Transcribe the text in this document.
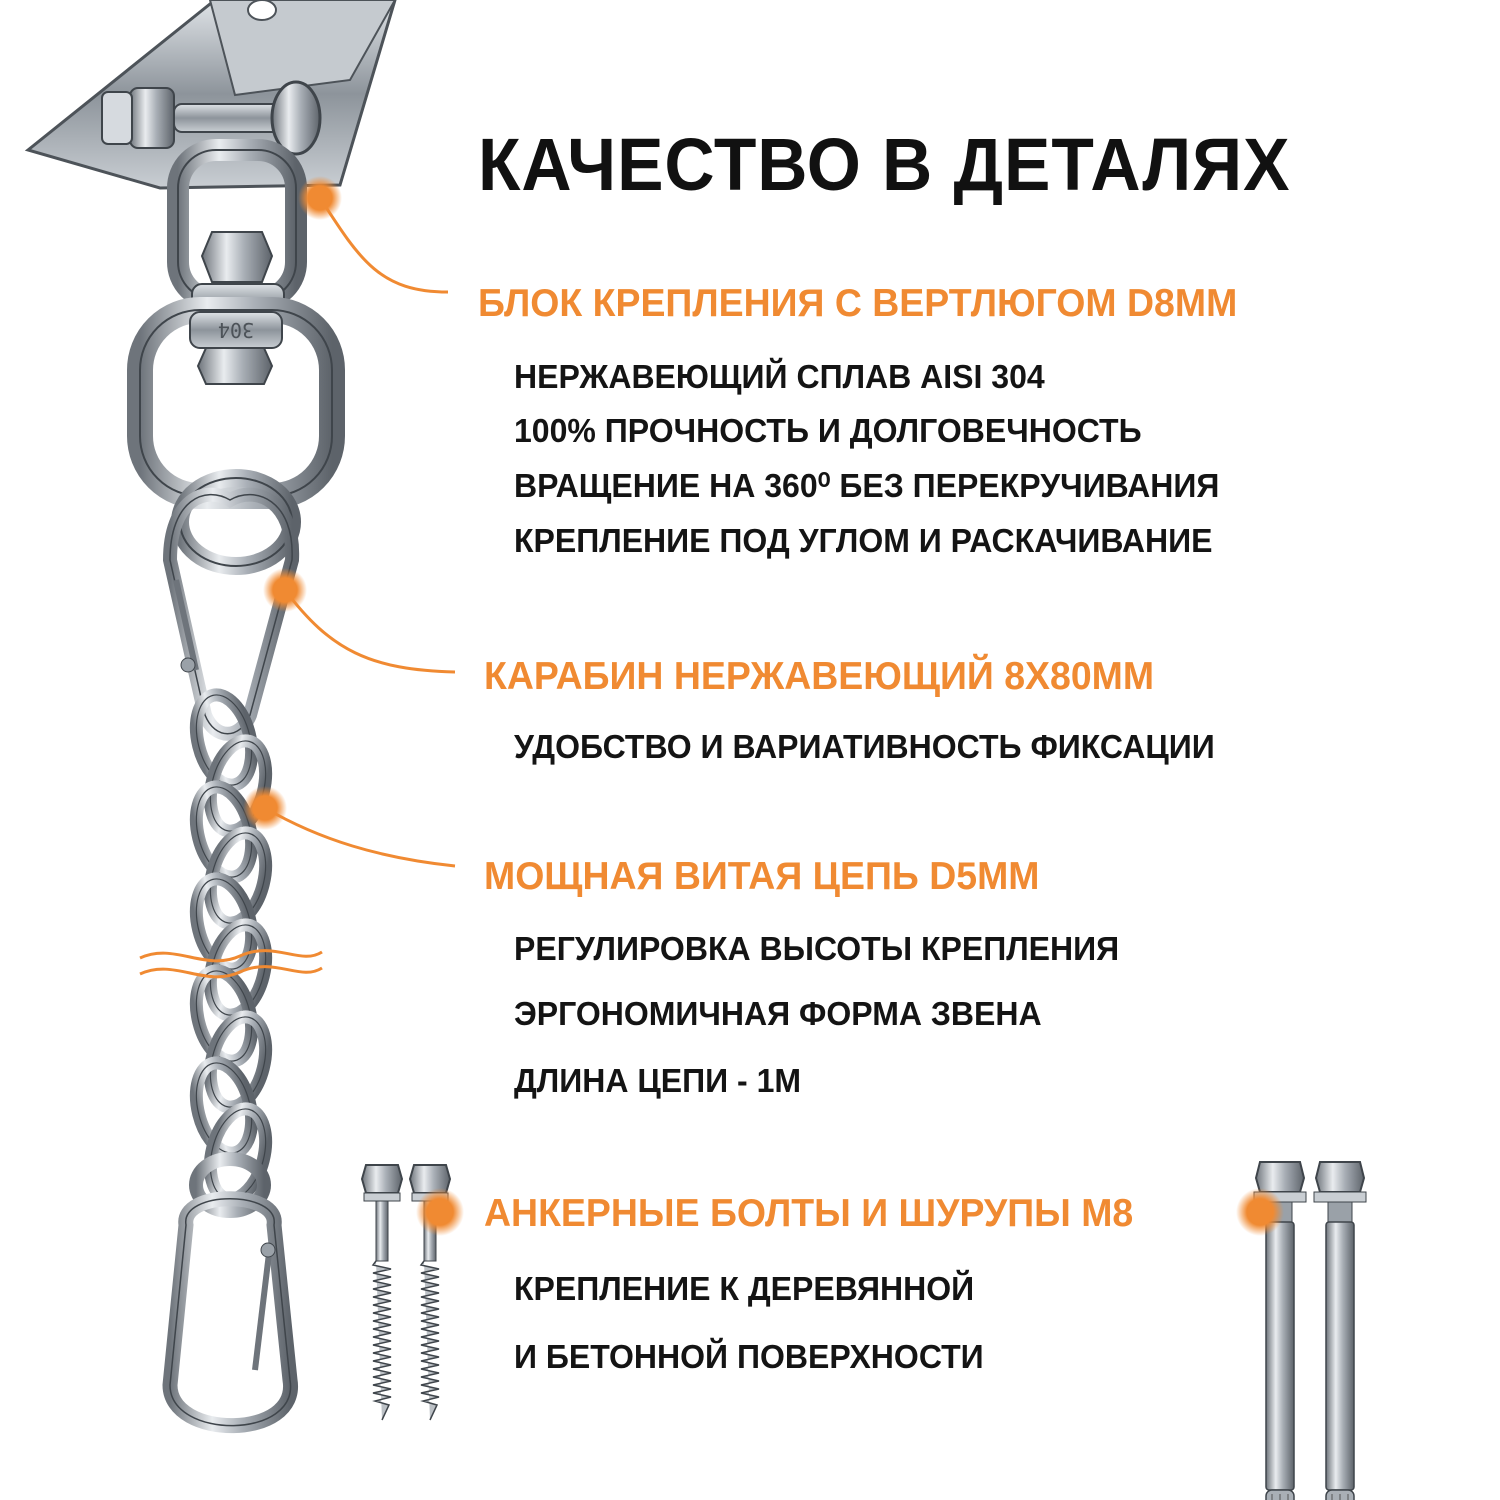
304
КАЧЕСТВО В ДЕТАЛЯХ
БЛОК КРЕПЛЕНИЯ С ВЕРТЛЮГОМ D8ММ
НЕРЖАВЕЮЩИЙ СПЛАВ AISI 304
100% ПРОЧНОСТЬ И ДОЛГОВЕЧНОСТЬ
ВРАЩЕНИЕ НА 360⁰ БЕЗ ПЕРЕКРУЧИВАНИЯ
КРЕПЛЕНИЕ ПОД УГЛОМ И РАСКАЧИВАНИЕ
КАРАБИН НЕРЖАВЕЮЩИЙ 8Х80ММ
УДОБСТВО И ВАРИАТИВНОСТЬ ФИКСАЦИИ
МОЩНАЯ ВИТАЯ ЦЕПЬ D5ММ
РЕГУЛИРОВКА ВЫСОТЫ КРЕПЛЕНИЯ
ЭРГОНОМИЧНАЯ ФОРМА ЗВЕНА
ДЛИНА ЦЕПИ - 1М
АНКЕРНЫЕ БОЛТЫ И ШУРУПЫ М8
КРЕПЛЕНИЕ К ДЕРЕВЯННОЙ
И БЕТОННОЙ ПОВЕРХНОСТИ
